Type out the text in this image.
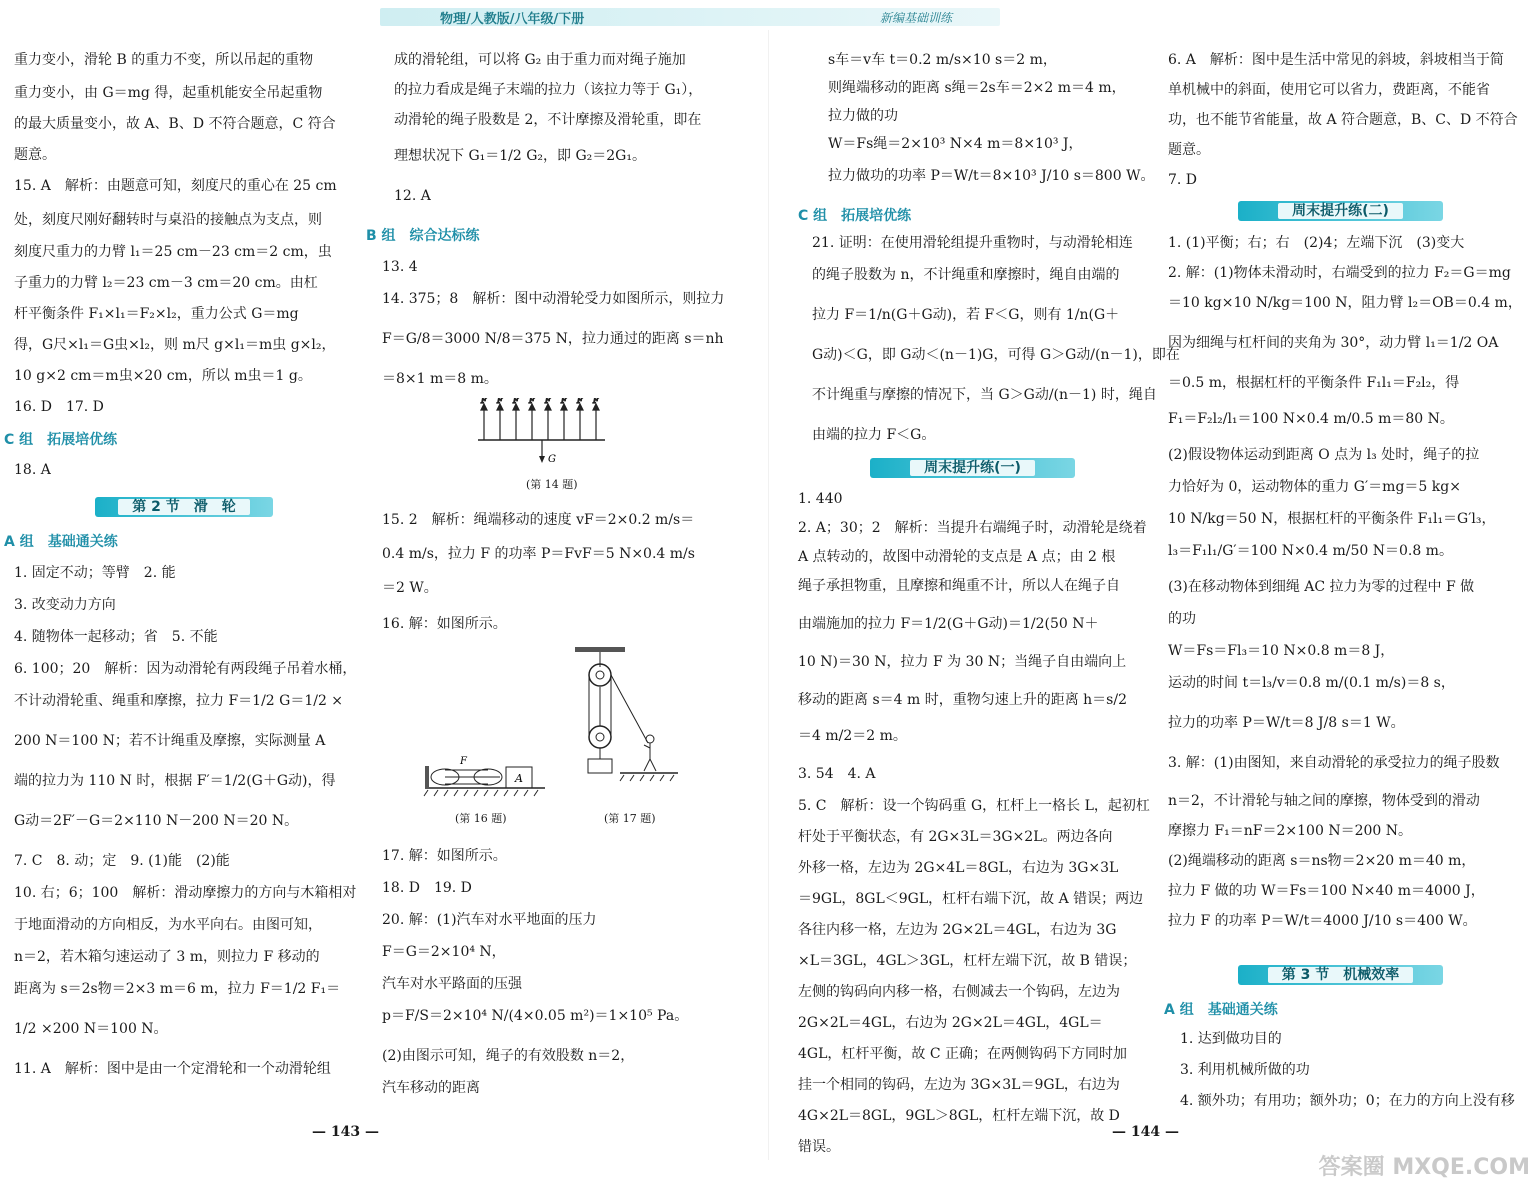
物理/人教版/八年级/下册	新编基础训练
重力变小，滑轮 B 的重力不变，所以吊起的重物
重力变小，由 G＝mg 得，起重机能安全吊起重物
的最大质量变小，故 A、B、D 不符合题意，C 符合
题意。
15. A　解析：由题意可知，刻度尺的重心在 25 cm
处，刻度尺刚好翻转时与桌沿的接触点为支点，则
刻度尺重力的力臂 l₁＝25 cm－23 cm＝2 cm，虫
子重力的力臂 l₂＝23 cm－3 cm＝20 cm。由杠
杆平衡条件 F₁×l₁＝F₂×l₂，重力公式 G＝mg
得，G尺×l₁＝G虫×l₂，则 m尺 g×l₁＝m虫 g×l₂，
10 g×2 cm＝m虫×20 cm，所以 m虫＝1 g。
16. D　17. D
C 组　拓展培优练
18. A
第 2 节　滑　轮
A 组　基础通关练
1. 固定不动；等臂　2. 能
3. 改变动力方向
4. 随物体一起移动；省　5. 不能
6. 100；20　解析：因为动滑轮有两段绳子吊着水桶，
不计动滑轮重、绳重和摩擦，拉力 F＝1/2 G＝1/2 ×
200 N＝100 N；若不计绳重及摩擦，实际测量 A
端的拉力为 110 N 时，根据 F′＝1/2(G＋G动)，得
G动＝2F′－G＝2×110 N－200 N＝20 N。
7. C　8. 动；定　9. (1)能　(2)能
10. 右；6；100　解析：滑动摩擦力的方向与木箱相对
于地面滑动的方向相反，为水平向右。由图可知，
n＝2，若木箱匀速运动了 3 m，则拉力 F 移动的
距离为 s＝2s物＝2×3 m＝6 m，拉力 F＝1/2 F₁＝
1/2 ×200 N＝100 N。
11. A　解析：图中是由一个定滑轮和一个动滑轮组
成的滑轮组，可以将 G₂ 由于重力而对绳子施加
的拉力看成是绳子末端的拉力（该拉力等于 G₁），
动滑轮的绳子股数是 2，不计摩擦及滑轮重，即在
理想状况下 G₁＝1/2 G₂，即 G₂＝2G₁。
12. A
B 组　综合达标练
13. 4
14. 375；8　解析：图中动滑轮受力如图所示，则拉力
F＝G/8＝3000 N/8＝375 N，拉力通过的距离 s＝nh
＝8×1 m＝8 m。
F F F F F F F F
G
(第 14 题)
15. 2　解析：绳端移动的速度 vF＝2×0.2 m/s＝
0.4 m/s，拉力 F 的功率 P＝FvF＝5 N×0.4 m/s
＝2 W。
16. 解：如图所示。
A
F
(第 16 题)	(第 17 题)
17. 解：如图所示。
18. D　19. D
20. 解：(1)汽车对水平地面的压力
F＝G＝2×10⁴ N，
汽车对水平路面的压强
p＝F/S＝2×10⁴ N/(4×0.05 m²)＝1×10⁵ Pa。
(2)由图示可知，绳子的有效股数 n＝2，
汽车移动的距离
— 143 —
s车＝v车 t＝0.2 m/s×10 s＝2 m，
则绳端移动的距离 s绳＝2s车＝2×2 m＝4 m，
拉力做的功
W＝Fs绳＝2×10³ N×4 m＝8×10³ J，
拉力做功的功率 P＝W/t＝8×10³ J/10 s＝800 W。
C 组　拓展培优练
21. 证明：在使用滑轮组提升重物时，与动滑轮相连
的绳子股数为 n，不计绳重和摩擦时，绳自由端的
拉力 F＝1/n(G＋G动)，若 F＜G，则有 1/n(G＋
G动)＜G，即 G动＜(n－1)G，可得 G＞G动/(n－1)，即在
不计绳重与摩擦的情况下，当 G＞G动/(n－1) 时，绳自
由端的拉力 F＜G。
周末提升练(一)
1. 440
2. A；30；2　解析：当提升右端绳子时，动滑轮是绕着
A 点转动的，故图中动滑轮的支点是 A 点；由 2 根
绳子承担物重，且摩擦和绳重不计，所以人在绳子自
由端施加的拉力 F＝1/2(G＋G动)＝1/2(50 N＋
10 N)＝30 N，拉力 F 为 30 N；当绳子自由端向上
移动的距离 s＝4 m 时，重物匀速上升的距离 h＝s/2
＝4 m/2＝2 m。
3. 54　4. A
5. C　解析：设一个钩码重 G，杠杆上一格长 L，起初杠
杆处于平衡状态，有 2G×3L＝3G×2L。两边各向
外移一格，左边为 2G×4L＝8GL，右边为 3G×3L
＝9GL，8GL＜9GL，杠杆右端下沉，故 A 错误；两边
各往内移一格，左边为 2G×2L＝4GL，右边为 3G
×L＝3GL，4GL＞3GL，杠杆左端下沉，故 B 错误；
左侧的钩码向内移一格，右侧减去一个钩码，左边为
2G×2L＝4GL，右边为 2G×2L＝4GL，4GL＝
4GL，杠杆平衡，故 C 正确；在两侧钩码下方同时加
挂一个相同的钩码，左边为 3G×3L＝9GL，右边为
4G×2L＝8GL，9GL＞8GL，杠杆左端下沉，故 D
错误。
— 144 —
6. A　解析：图中是生活中常见的斜坡，斜坡相当于简
单机械中的斜面，使用它可以省力，费距离，不能省
功，也不能节省能量，故 A 符合题意，B、C、D 不符合
题意。
7. D
周末提升练(二)
1. (1)平衡；右；右　(2)4；左端下沉　(3)变大
2. 解：(1)物体未滑动时，右端受到的拉力 F₂＝G＝mg
＝10 kg×10 N/kg＝100 N，阻力臂 l₂＝OB＝0.4 m，
因为细绳与杠杆间的夹角为 30°，动力臂 l₁＝1/2 OA
＝0.5 m，根据杠杆的平衡条件 F₁l₁＝F₂l₂，得
F₁＝F₂l₂/l₁＝100 N×0.4 m/0.5 m＝80 N。
(2)假设物体运动到距离 O 点为 l₃ 处时，绳子的拉
力恰好为 0，运动物体的重力 G′＝mg＝5 kg×
10 N/kg＝50 N，根据杠杆的平衡条件 F₁l₁＝G′l₃，
l₃＝F₁l₁/G′＝100 N×0.4 m/50 N＝0.8 m。
(3)在移动物体到细绳 AC 拉力为零的过程中 F 做
的功
W＝Fs＝Fl₃＝10 N×0.8 m＝8 J，
运动的时间 t＝l₃/v＝0.8 m/(0.1 m/s)＝8 s，
拉力的功率 P＝W/t＝8 J/8 s＝1 W。
3. 解：(1)由图知，来自动滑轮的承受拉力的绳子股数
n＝2，不计滑轮与轴之间的摩擦，物体受到的滑动
摩擦力 F₁＝nF＝2×100 N＝200 N。
(2)绳端移动的距离 s＝ns物＝2×20 m＝40 m，
拉力 F 做的功 W＝Fs＝100 N×40 m＝4000 J，
拉力 F 的功率 P＝W/t＝4000 J/10 s＝400 W。
第 3 节　机械效率
A 组　基础通关练
1. 达到做功目的
3. 利用机械所做的功
4. 额外功；有用功；额外功；0；在力的方向上没有移
答案圈 MXQE.COM
